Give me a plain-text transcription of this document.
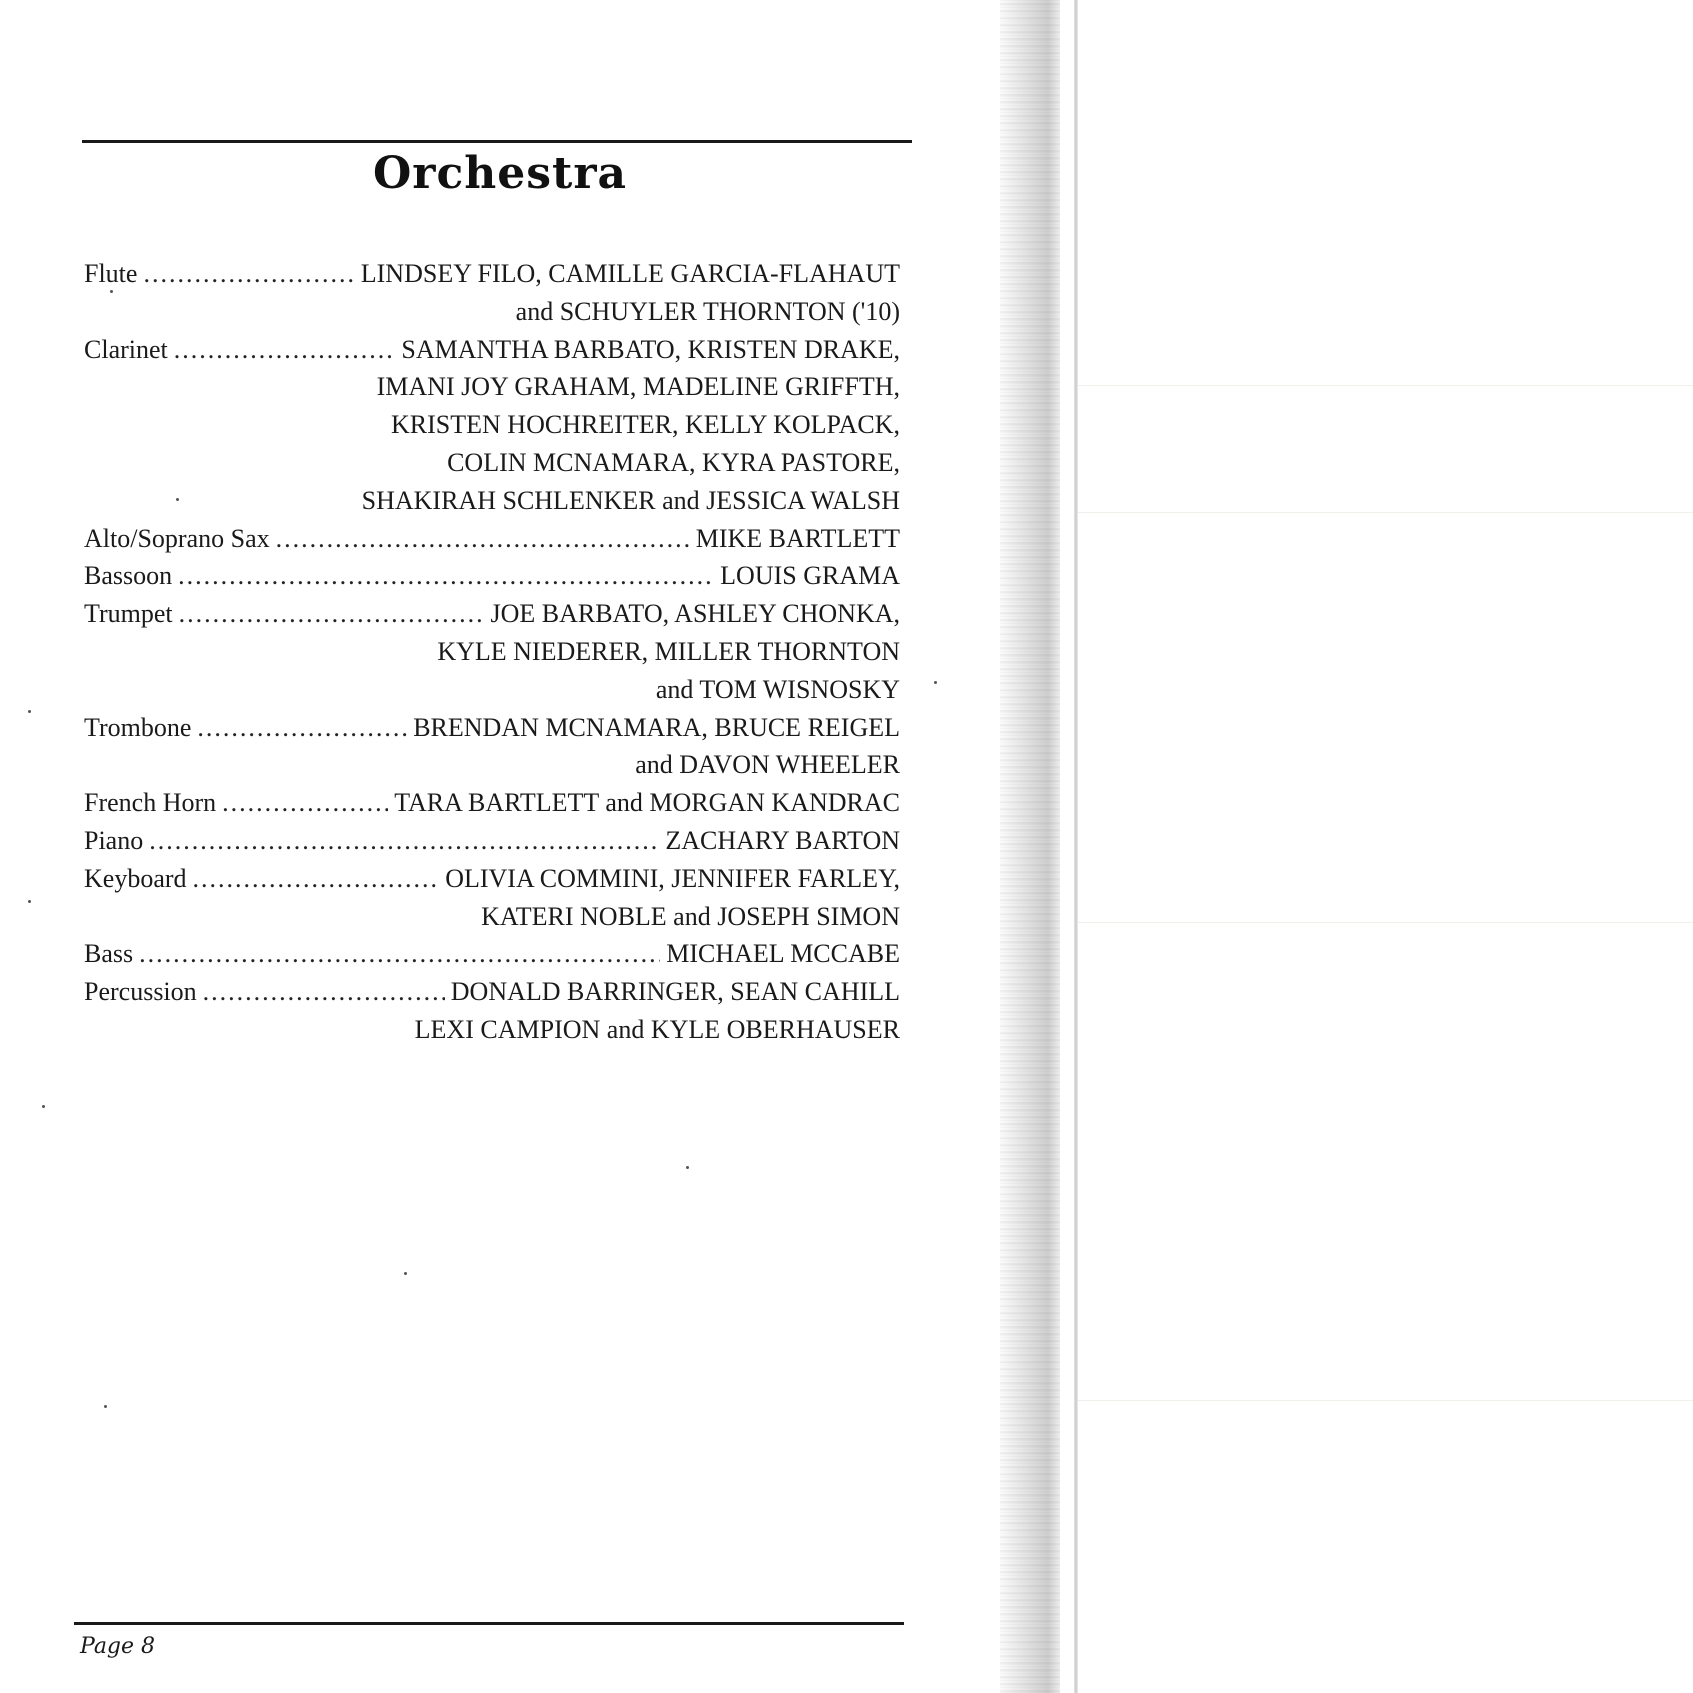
Orchestra
Flute .....	LINDSEY FILO, CAMILLE GARCIA-FLAHAUT
and SCHUYLER THORNTON ('10)
Clarinet .....	SAMANTHA BARBATO, KRISTEN DRAKE,
IMANI JOY GRAHAM, MADELINE GRIFFTH,
KRISTEN HOCHREITER, KELLY KOLPACK,
COLIN MCNAMARA, KYRA PASTORE,
SHAKIRAH SCHLENKER and JESSICA WALSH
Alto/Soprano Sax .....	MIKE BARTLETT
Bassoon .....	LOUIS GRAMA
Trumpet .....	JOE BARBATO, ASHLEY CHONKA,
KYLE NIEDERER, MILLER THORNTON
and TOM WISNOSKY
Trombone .....	BRENDAN MCNAMARA, BRUCE REIGEL
and DAVON WHEELER
French Horn .....	TARA BARTLETT and MORGAN KANDRAC
Piano .....	ZACHARY BARTON
Keyboard .....	OLIVIA COMMINI, JENNIFER FARLEY,
KATERI NOBLE and JOSEPH SIMON
Bass .....	MICHAEL MCCABE
Percussion .....	DONALD BARRINGER, SEAN CAHILL
LEXI CAMPION and KYLE OBERHAUSER
Page 8
